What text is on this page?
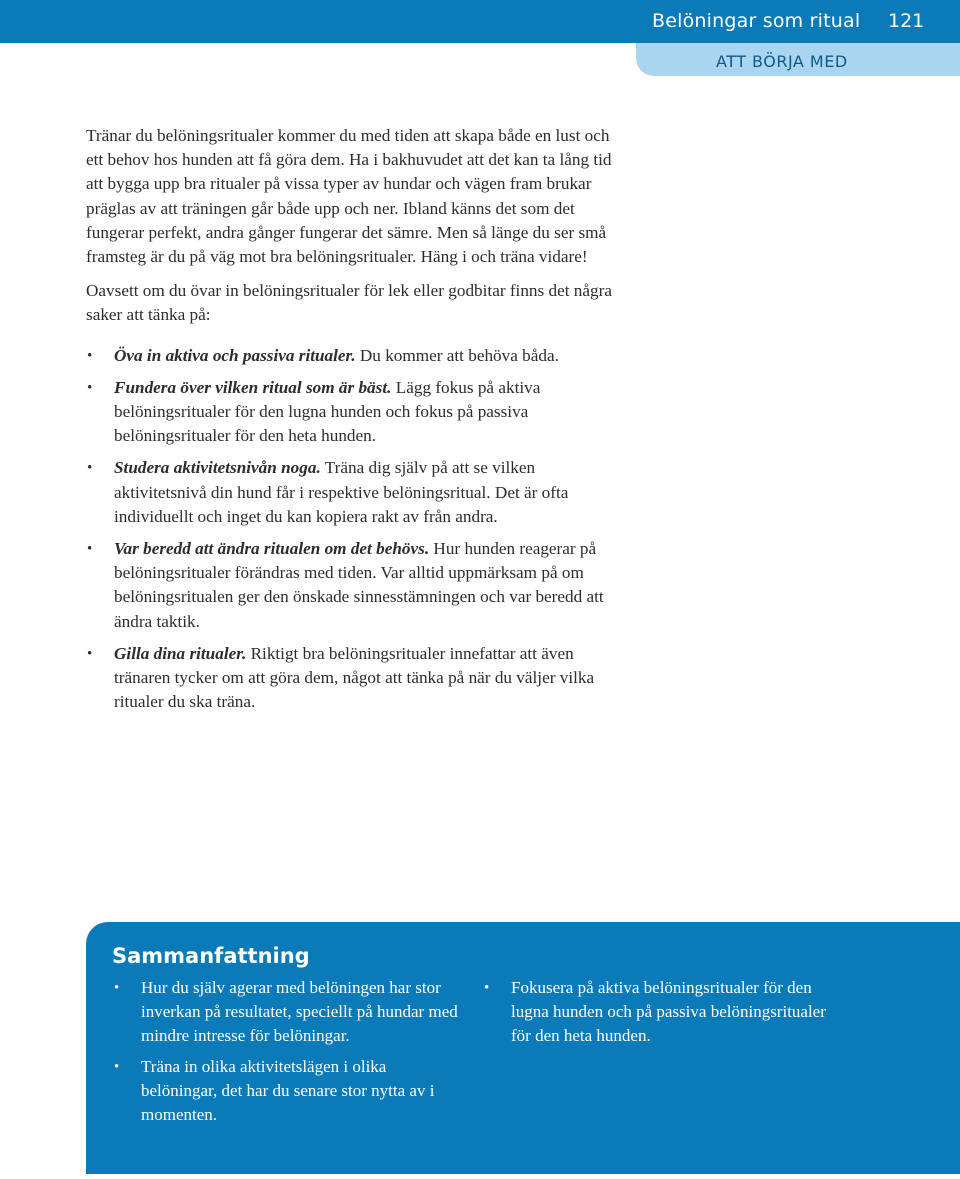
Belöningar som ritual 121
ATT BÖRJA MED

Tränar du belöningsritualer kommer du med tiden att skapa både en lust och ett behov hos hunden att få göra dem. Ha i bakhuvudet att det kan ta lång tid att bygga upp bra ritualer på vissa typer av hundar och vägen fram brukar präglas av att träningen går både upp och ner. Ibland känns det som det fungerar perfekt, andra gånger fungerar det sämre. Men så länge du ser små framsteg är du på väg mot bra belöningsritualer. Häng i och träna vidare!

Oavsett om du övar in belöningsritualer för lek eller godbitar finns det några saker att tänka på:

• Öva in aktiva och passiva ritualer. Du kommer att behöva båda.
• Fundera över vilken ritual som är bäst. Lägg fokus på aktiva belöningsritualer för den lugna hunden och fokus på passiva belöningsritualer för den heta hunden.
• Studera aktivitetsnivån noga. Träna dig själv på att se vilken aktivitetsnivå din hund får i respektive belöningsritual. Det är ofta individuellt och inget du kan kopiera rakt av från andra.
• Var beredd att ändra ritualen om det behövs. Hur hunden reagerar på belöningsritualer förändras med tiden. Var alltid uppmärksam på om belöningsritualen ger den önskade sinnesstämningen och var beredd att ändra taktik.
• Gilla dina ritualer. Riktigt bra belöningsritualer innefattar att även tränaren tycker om att göra dem, något att tänka på när du väljer vilka ritualer du ska träna.
Sammanfattning
• Hur du själv agerar med belöningen har stor inverkan på resultatet, speciellt på hundar med mindre intresse för belöningar.
• Träna in olika aktivitetslägen i olika belöningar, det har du senare stor nytta av i momenten.
• Fokusera på aktiva belöningsritualer för den lugna hunden och på passiva belöningsritualer för den heta hunden.
